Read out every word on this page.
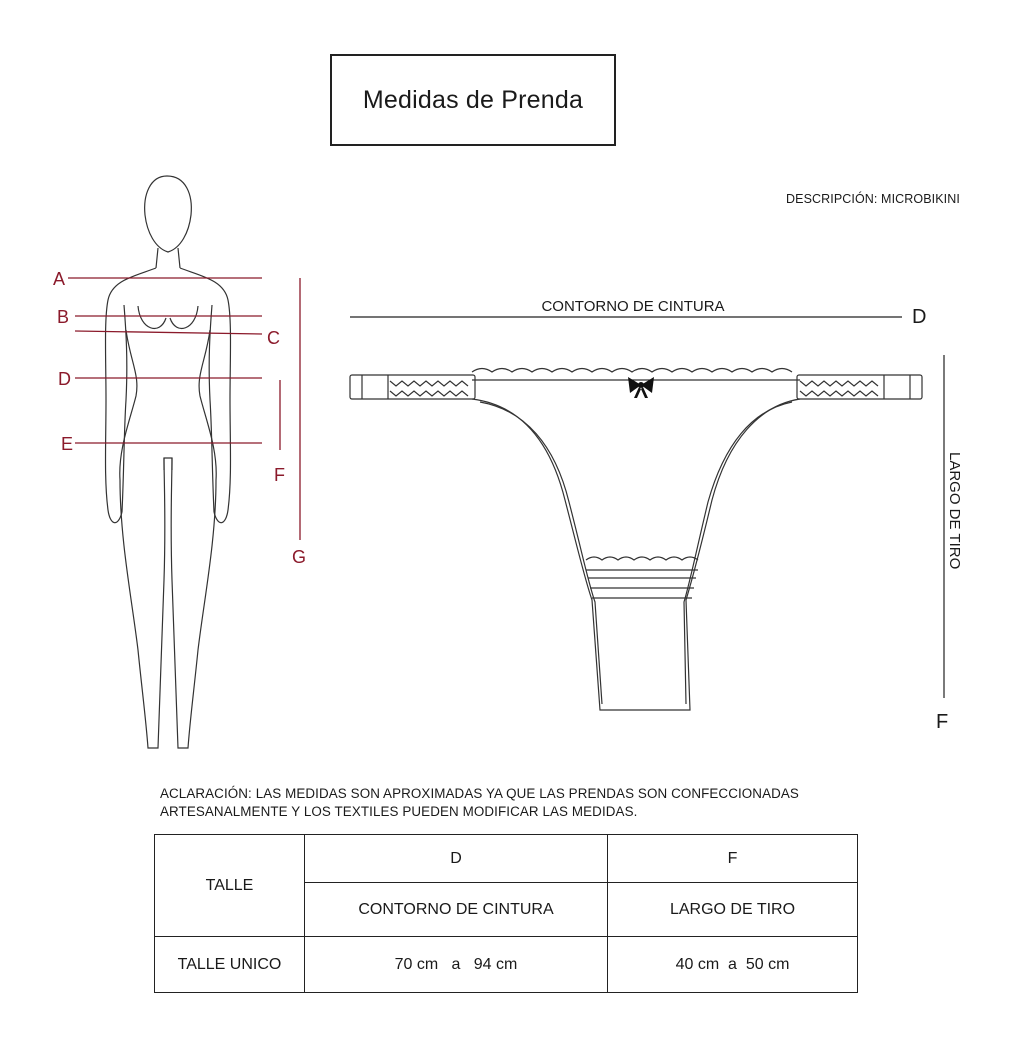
Medidas de Prenda
DESCRIPCIÓN: MICROBIKINI
A
B
C
D
E
F
G
CONTORNO DE CINTURA	D
LARGO DE TIRO
F
ACLARACIÓN: LAS MEDIDAS SON APROXIMADAS YA QUE LAS PRENDAS SON CONFECCIONADAS
ARTESANALMENTE Y LOS TEXTILES PUEDEN MODIFICAR LAS MEDIDAS.
TALLE	D	F
	CONTORNO DE CINTURA	LARGO DE TIRO
TALLE UNICO	70 cm   a   94 cm	40 cm  a  50 cm
